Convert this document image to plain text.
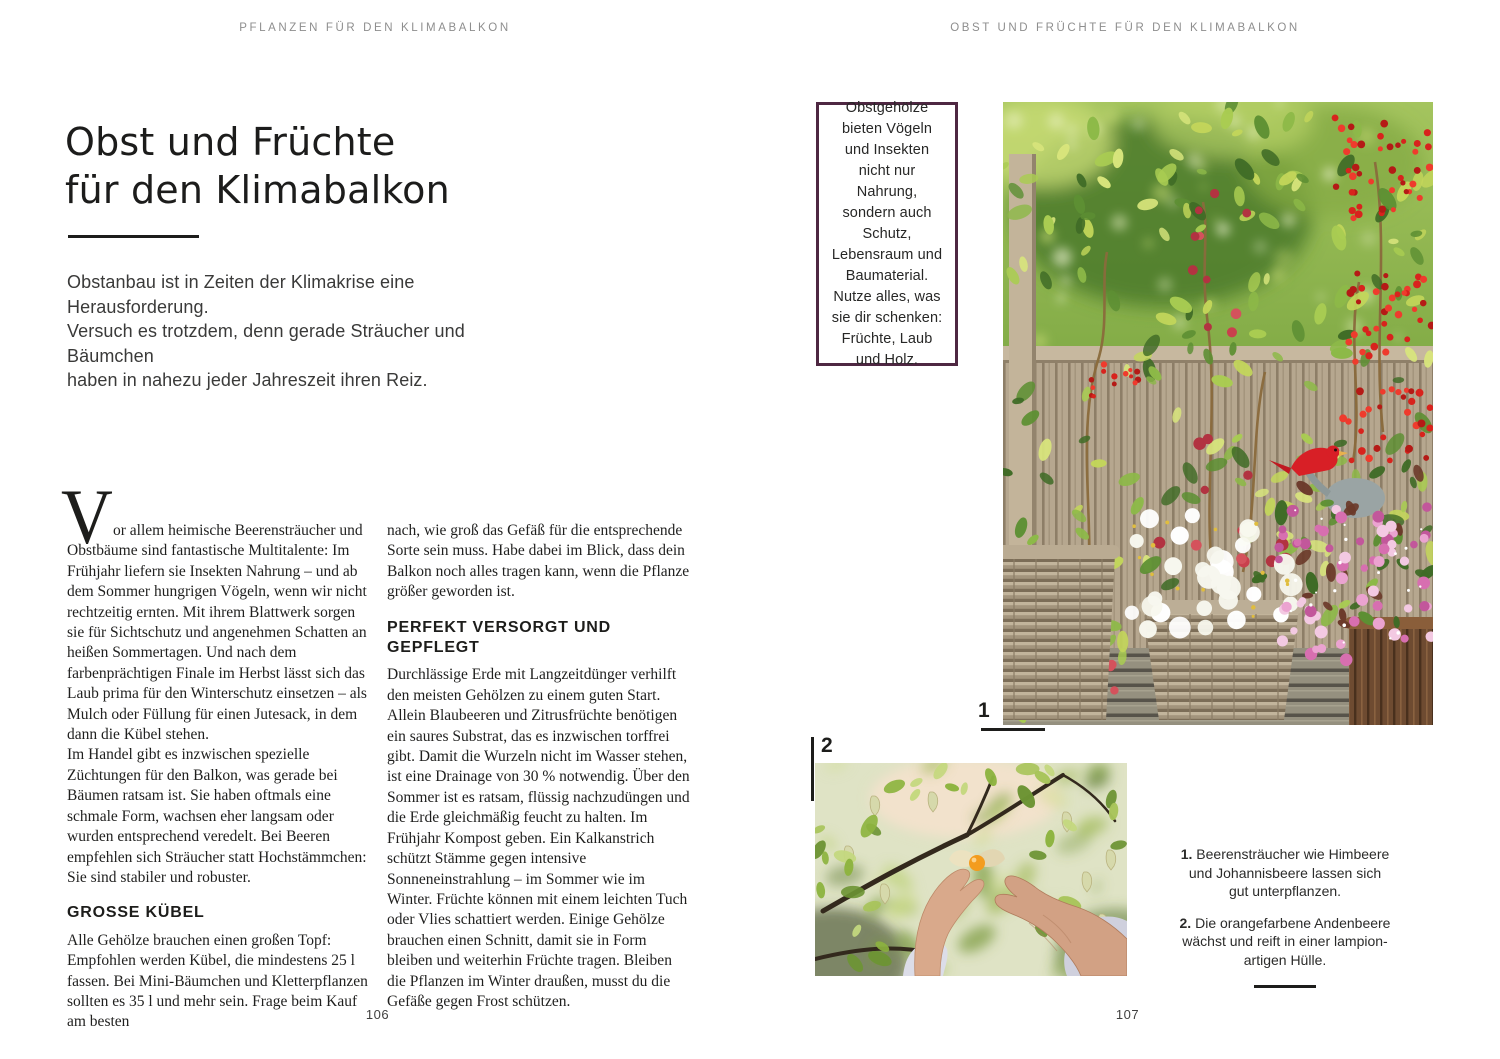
PFLANZEN FÜR DEN KLIMABALKON	OBST UND FRÜCHTE FÜR DEN KLIMABALKON
Obst und Früchte
für den Klimabalkon
Obstanbau ist in Zeiten der Klimakrise eine Herausforderung.
Versuch es trotzdem, denn gerade Sträucher und Bäumchen
haben in nahezu jeder Jahreszeit ihren Reiz.
V or allem heimische Beerensträucher und Obstbäume sind fantastische Multitalente: Im Frühjahr liefern sie Insekten Nahrung – und ab dem Sommer hungrigen Vögeln, wenn wir nicht rechtzeitig ernten. Mit ihrem Blattwerk sorgen sie für Sichtschutz und angenehmen Schatten an heißen Sommertagen. Und nach dem farbenprächtigen Finale im Herbst lässt sich das Laub prima für den Winterschutz einsetzen – als Mulch oder Füllung für einen Jutesack, in dem dann die Kübel stehen.

Im Handel gibt es inzwischen spezielle Züchtungen für den Balkon, was gerade bei Bäumen ratsam ist. Sie haben oftmals eine schmale Form, wachsen eher langsam oder wurden entsprechend veredelt. Bei Beeren empfehlen sich Sträucher statt Hochstämmchen: Sie sind stabiler und robuster.

GROSSE KÜBEL

Alle Gehölze brauchen einen großen Topf: Empfohlen werden Kübel, die mindestens 25 l fassen. Bei Mini-Bäumchen und Kletterpflanzen sollten es 35 l und mehr sein. Frage beim Kauf am besten

nach, wie groß das Gefäß für die entsprechende Sorte sein muss. Habe dabei im Blick, dass dein Balkon noch alles tragen kann, wenn die Pflanze größer geworden ist.

PERFEKT VERSORGT UND GEPFLEGT

Durchlässige Erde mit Langzeitdünger verhilft den meisten Gehölzen zu einem guten Start. Allein Blaubeeren und Zitrusfrüchte benötigen ein saures Substrat, das es inzwischen torffrei gibt. Damit die Wurzeln nicht im Wasser stehen, ist eine Drainage von 30 % notwendig. Über den Sommer ist es ratsam, flüssig nachzudüngen und die Erde gleichmäßig feucht zu halten. Im Frühjahr Kompost geben. Ein Kalkanstrich schützt Stämme gegen intensive Sonneneinstrahlung – im Sommer wie im Winter. Früchte können mit einem leichten Tuch oder Vlies schattiert werden. Einige Gehölze brauchen einen Schnitt, damit sie in Form bleiben und weiterhin Früchte tragen. Bleiben die Pflanzen im Winter draußen, musst du die Gefäße gegen Frost schützen.

106
Obstgehölze bieten Vögeln und Insekten nicht nur Nahrung, sondern auch Schutz, Lebensraum und Baumaterial. Nutze alles, was sie dir schenken: Früchte, Laub und Holz.
1
2
1. Beerensträucher wie Himbeere und Johannisbeere lassen sich gut unterpflanzen.
2. Die orangefarbene Andenbeere wächst und reift in einer lampionartigen Hülle.
107
